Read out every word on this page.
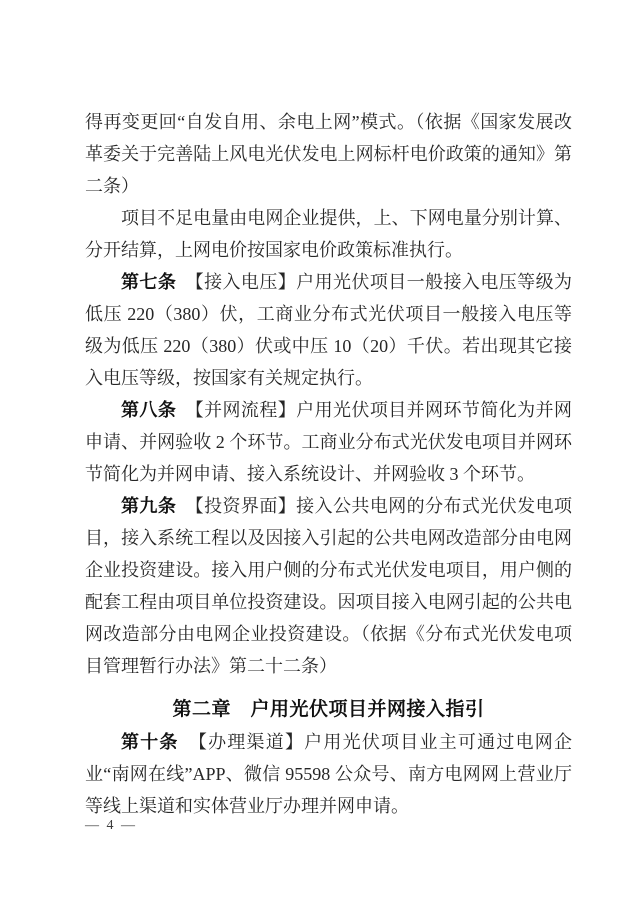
得再变更回“自发自用、余电上网”模式。（依据《国家发展改革委关于完善陆上风电光伏发电上网标杆电价政策的通知》第二条）

项目不足电量由电网企业提供，上、下网电量分别计算、分开结算，上网电价按国家电价政策标准执行。

第七条　【接入电压】户用光伏项目一般接入电压等级为低压 220（380）伏，工商业分布式光伏项目一般接入电压等级为低压 220（380）伏或中压 10（20）千伏。若出现其它接入电压等级，按国家有关规定执行。

第八条　【并网流程】户用光伏项目并网环节简化为并网申请、并网验收 2 个环节。工商业分布式光伏发电项目并网环节简化为并网申请、接入系统设计、并网验收 3 个环节。

第九条　【投资界面】接入公共电网的分布式光伏发电项目，接入系统工程以及因接入引起的公共电网改造部分由电网企业投资建设。接入用户侧的分布式光伏发电项目，用户侧的配套工程由项目单位投资建设。因项目接入电网引起的公共电网改造部分由电网企业投资建设。（依据《分布式光伏发电项目管理暂行办法》第二十二条）

第二章　户用光伏项目并网接入指引

第十条　【办理渠道】户用光伏项目业主可通过电网企业“南网在线”APP、微信 95598 公众号、南方电网网上营业厅等线上渠道和实体营业厅办理并网申请。

— 4 —
